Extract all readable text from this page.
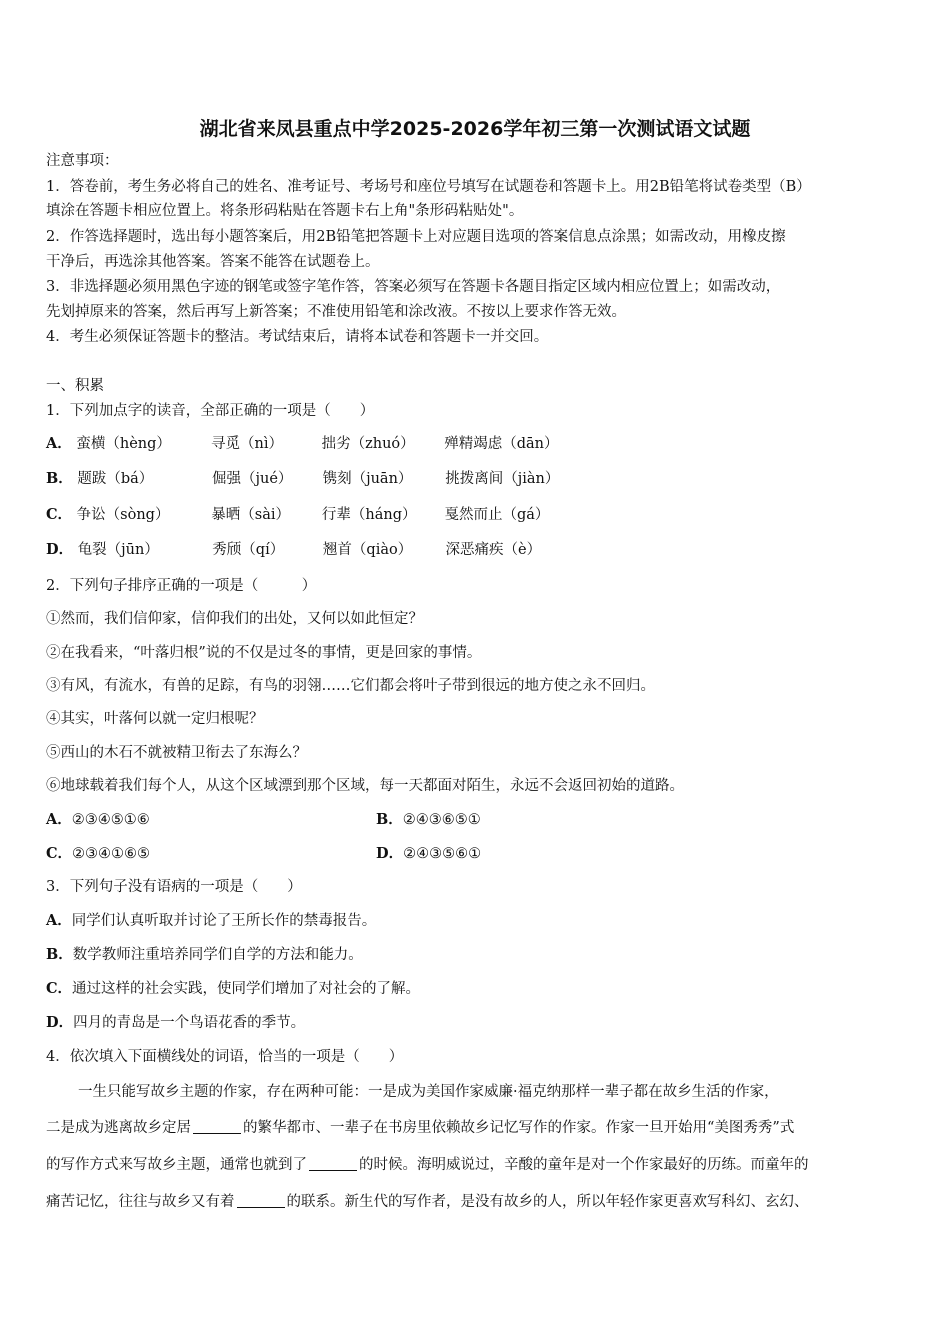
湖北省来凤县重点中学2025-2026学年初三第一次测试语文试题
注意事项：
1．答卷前，考生务必将自己的姓名、准考证号、考场号和座位号填写在试题卷和答题卡上。用2B铅笔将试卷类型（B）
填涂在答题卡相应位置上。将条形码粘贴在答题卡右上角"条形码粘贴处"。
2．作答选择题时，选出每小题答案后，用2B铅笔把答题卡上对应题目选项的答案信息点涂黑；如需改动，用橡皮擦
干净后，再选涂其他答案。答案不能答在试题卷上。
3．非选择题必须用黑色字迹的钢笔或签字笔作答，答案必须写在答题卡各题目指定区域内相应位置上；如需改动，
先划掉原来的答案，然后再写上新答案；不准使用铅笔和涂改液。不按以上要求作答无效。
4．考生必须保证答题卡的整洁。考试结束后，请将本试卷和答题卡一并交回。
一、积累
1．下列加点字的读音，全部正确的一项是（　　）
A． 蛮横（hèng）	寻觅（nì）	拙劣（zhuó） 殚精竭虑（dān）
B． 题跋（bá）	倔强（jué） 镌刻（juān） 挑拨离间（jiàn）
C． 争讼（sòng）	暴晒（sài） 行辈（háng） 戛然而止（gá）
D． 龟裂（jūn）	秀颀（qí）	翘首（qiào） 深恶痛疾（è）
2．下列句子排序正确的一项是（　　　）
①然而，我们信仰家，信仰我们的出处，又何以如此恒定？
②在我看来，“叶落归根”说的不仅是过冬的事情，更是回家的事情。
③有风，有流水，有兽的足踪，有鸟的羽翎……它们都会将叶子带到很远的地方使之永不回归。
④其实，叶落何以就一定归根呢？
⑤西山的木石不就被精卫衔去了东海么？
⑥地球载着我们每个人，从这个区域漂到那个区域，每一天都面对陌生，永远不会返回初始的道路。
A．②③④⑤①⑥	B．②④③⑥⑤①
C．②③④①⑥⑤	D．②④③⑤⑥①
3．下列句子没有语病的一项是（　　）
A．同学们认真听取并讨论了王所长作的禁毒报告。
B．数学教师注重培养同学们自学的方法和能力。
C．通过这样的社会实践，使同学们增加了对社会的了解。
D．四月的青岛是一个鸟语花香的季节。
4．依次填入下面横线处的词语，恰当的一项是（　　）
一生只能写故乡主题的作家，存在两种可能：一是成为美国作家威廉·福克纳那样一辈子都在故乡生活的作家，
二是成为逃离故乡定居	的繁华都市、一辈子在书房里依赖故乡记忆写作的作家。作家一旦开始用“美图秀秀”式
的写作方式来写故乡主题，通常也就到了	的时候。海明威说过，辛酸的童年是对一个作家最好的历练。而童年的
痛苦记忆，往往与故乡又有着	的联系。新生代的写作者，是没有故乡的人，所以年轻作家更喜欢写科幻、玄幻、
